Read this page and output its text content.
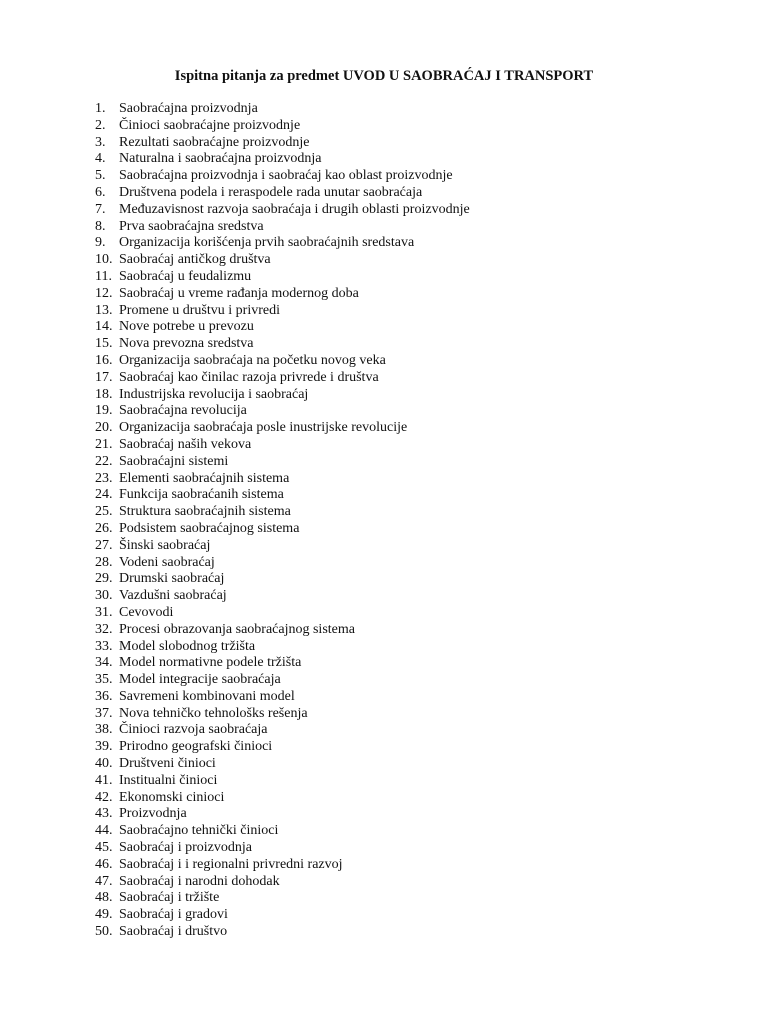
Ispitna pitanja za predmet UVOD U SAOBRAĆAJ I TRANSPORT
1. Saobraćajna proizvodnja
2. Činioci saobraćajne proizvodnje
3. Rezultati saobraćajne proizvodnje
4. Naturalna i saobraćajna proizvodnja
5. Saobraćajna proizvodnja i saobraćaj kao oblast proizvodnje
6. Društvena podela i reraspodele rada unutar saobraćaja
7. Međuzavisnost razvoja saobraćaja i drugih oblasti proizvodnje
8. Prva saobraćajna sredstva
9. Organizacija korišćenja prvih saobraćajnih sredstava
10. Saobraćaj antičkog društva
11. Saobraćaj u feudalizmu
12. Saobraćaj u vreme rađanja modernog doba
13. Promene u društvu i privredi
14. Nove potrebe u prevozu
15. Nova prevozna sredstva
16. Organizacija saobraćaja na početku novog veka
17. Saobraćaj kao činilac razoja privrede i društva
18. Industrijska revolucija i saobraćaj
19. Saobraćajna revolucija
20. Organizacija saobraćaja posle inustrijske revolucije
21. Saobraćaj naših vekova
22. Saobraćajni sistemi
23. Elementi saobraćajnih sistema
24. Funkcija saobraćanih sistema
25. Struktura saobraćajnih sistema
26. Podsistem saobraćajnog sistema
27. Šinski saobraćaj
28. Vodeni saobraćaj
29. Drumski saobraćaj
30. Vazdušni saobraćaj
31. Cevovodi
32. Procesi obrazovanja saobraćajnog sistema
33. Model slobodnog tržišta
34. Model normativne podele tržišta
35. Model integracije saobraćaja
36. Savremeni kombinovani model
37. Nova tehničko tehnološks rešenja
38. Činioci razvoja saobraćaja
39. Prirodno geografski činioci
40. Društveni činioci
41. Institualni činioci
42. Ekonomski cinioci
43. Proizvodnja
44. Saobraćajno tehnički činioci
45. Saobraćaj i proizvodnja
46. Saobraćaj i i regionalni privredni razvoj
47. Saobraćaj i narodni dohodak
48. Saobraćaj i tržište
49. Saobraćaj i gradovi
50. Saobraćaj i društvo
